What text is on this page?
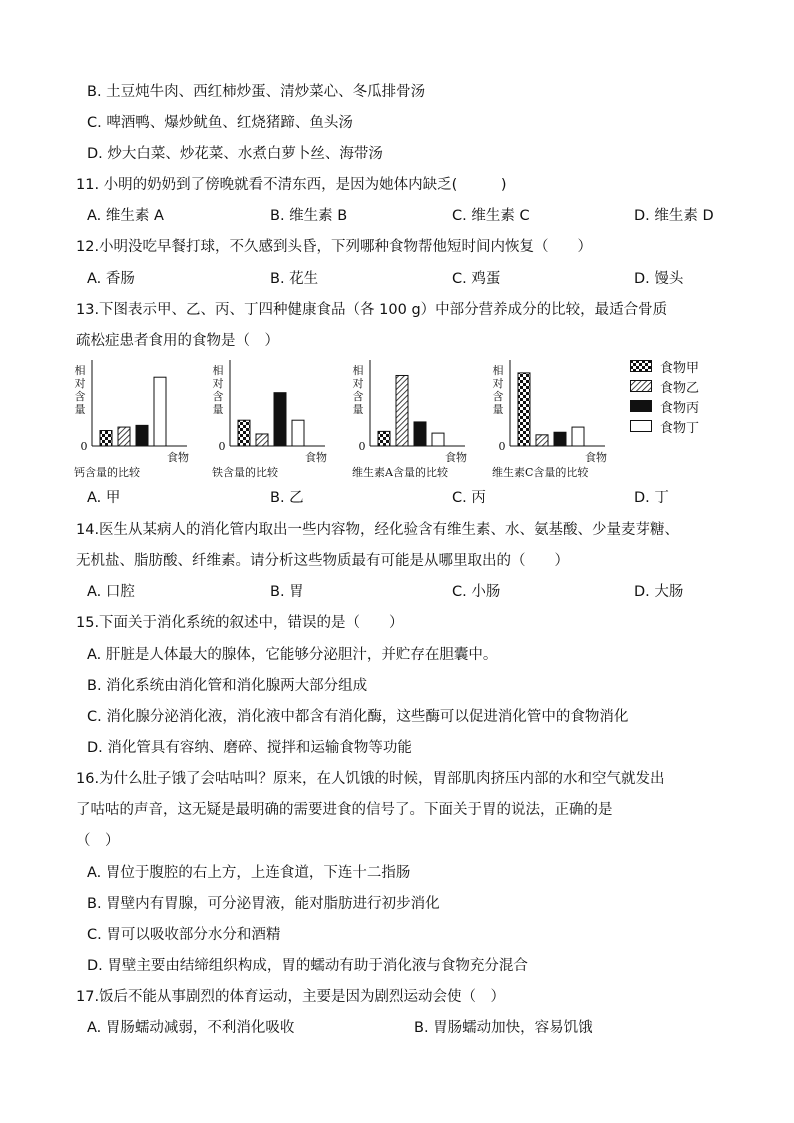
B. 土豆炖牛肉、西红柿炒蛋、清炒菜心、冬瓜排骨汤
C. 啤酒鸭、爆炒鱿鱼、红烧猪蹄、鱼头汤
D. 炒大白菜、炒花菜、水煮白萝卜丝、海带汤
11. 小明的奶奶到了傍晚就看不清东西，是因为她体内缺乏(　　　)
A. 维生素 A	B. 维生素 B	C. 维生素 C	D. 维生素 D
12.小明没吃早餐打球，不久感到头昏，下列哪种食物帮他短时间内恢复（　　）
A. 香肠	B. 花生	C. 鸡蛋	D. 馒头
13.下图表示甲、乙、丙、丁四种健康食品（各 100 g）中部分营养成分的比较，最适合骨质
疏松症患者食用的食物是（　）
相对含量
0
食物
钙含量的比较
相对含量
0
食物
铁含量的比较
相对含量
0
食物
维生素A含量的比较
相对含量
0
食物
维生素C含量的比较
食物甲
食物乙
食物丙
食物丁
A. 甲	B. 乙	C. 丙	D. 丁
14.医生从某病人的消化管内取出一些内容物，经化验含有维生素、水、氨基酸、少量麦芽糖、
无机盐、脂肪酸、纤维素。请分析这些物质最有可能是从哪里取出的（　　）
A. 口腔	B. 胃	C. 小肠	D. 大肠
15.下面关于消化系统的叙述中，错误的是（　　）
A. 肝脏是人体最大的腺体，它能够分泌胆汁，并贮存在胆囊中。
B. 消化系统由消化管和消化腺两大部分组成
C. 消化腺分泌消化液，消化液中都含有消化酶，这些酶可以促进消化管中的食物消化
D. 消化管具有容纳、磨碎、搅拌和运输食物等功能
16.为什么肚子饿了会咕咕叫？原来，在人饥饿的时候，胃部肌肉挤压内部的水和空气就发出
了咕咕的声音，这无疑是最明确的需要进食的信号了。下面关于胃的说法，正确的是
（　）
A. 胃位于腹腔的右上方，上连食道，下连十二指肠
B. 胃壁内有胃腺，可分泌胃液，能对脂肪进行初步消化
C. 胃可以吸收部分水分和酒精
D. 胃壁主要由结缔组织构成，胃的蠕动有助于消化液与食物充分混合
17.饭后不能从事剧烈的体育运动，主要是因为剧烈运动会使（　）
A. 胃肠蠕动减弱，不利消化吸收	B. 胃肠蠕动加快，容易饥饿
